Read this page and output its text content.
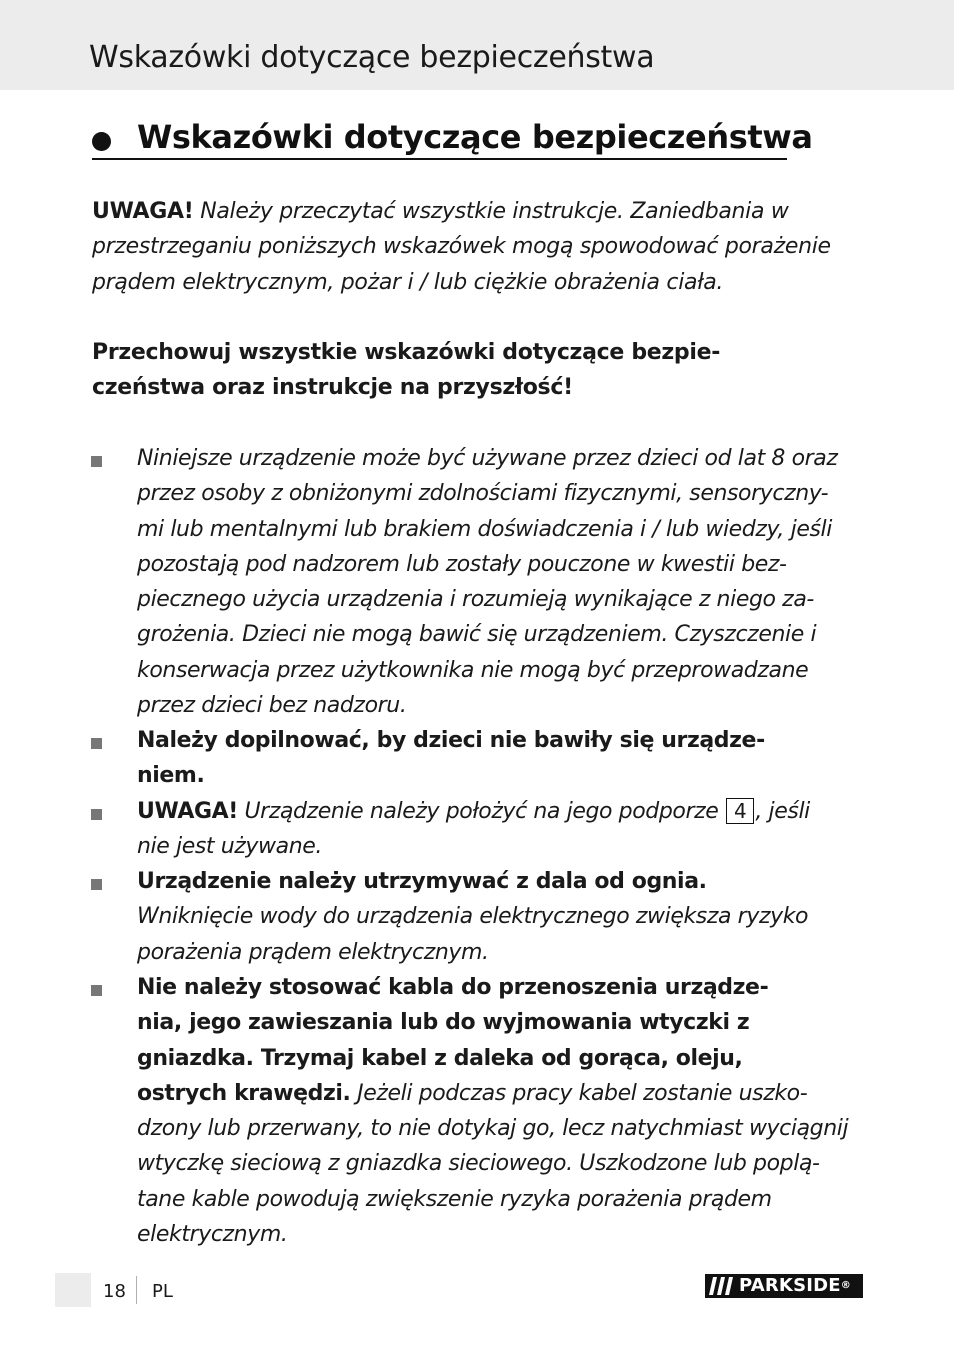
Wskazówki dotyczące bezpieczeństwa
Wskazówki dotyczące bezpieczeństwa
UWAGA! Należy przeczytać wszystkie instrukcje. Zaniedbania w
przestrzeganiu poniższych wskazówek mogą spowodować porażenie
prądem elektrycznym, pożar i / lub ciężkie obrażenia ciała.
Przechowuj wszystkie wskazówki dotyczące bezpie-
czeństwa oraz instrukcje na przyszłość!
Niniejsze urządzenie może być używane przez dzieci od lat 8 oraz
przez osoby z obniżonymi zdolnościami fizycznymi, sensoryczny-
mi lub mentalnymi lub brakiem doświadczenia i / lub wiedzy, jeśli
pozostają pod nadzorem lub zostały pouczone w kwestii bez-
piecznego użycia urządzenia i rozumieją wynikające z niego za-
grożenia. Dzieci nie mogą bawić się urządzeniem. Czyszczenie i
konserwacja przez użytkownika nie mogą być przeprowadzane
przez dzieci bez nadzoru.
Należy dopilnować, by dzieci nie bawiły się urządze-
niem.
UWAGA! Urządzenie należy położyć na jego podporze 4 , jeśli
nie jest używane.
Urządzenie należy utrzymywać z dala od ognia.
Wniknięcie wody do urządzenia elektrycznego zwiększa ryzyko
porażenia prądem elektrycznym.
Nie należy stosować kabla do przenoszenia urządze-
nia, jego zawieszania lub do wyjmowania wtyczki z
gniazdka. Trzymaj kabel z daleka od gorąca, oleju,
ostrych krawędzi. Jeżeli podczas pracy kabel zostanie uszko-
dzony lub przerwany, to nie dotykaj go, lecz natychmiast wyciągnij
wtyczkę sieciową z gniazdka sieciowego. Uszkodzone lub poplą-
tane kable powodują zwiększenie ryzyka porażenia prądem
elektrycznym.
18 PL	PARKSIDE®
